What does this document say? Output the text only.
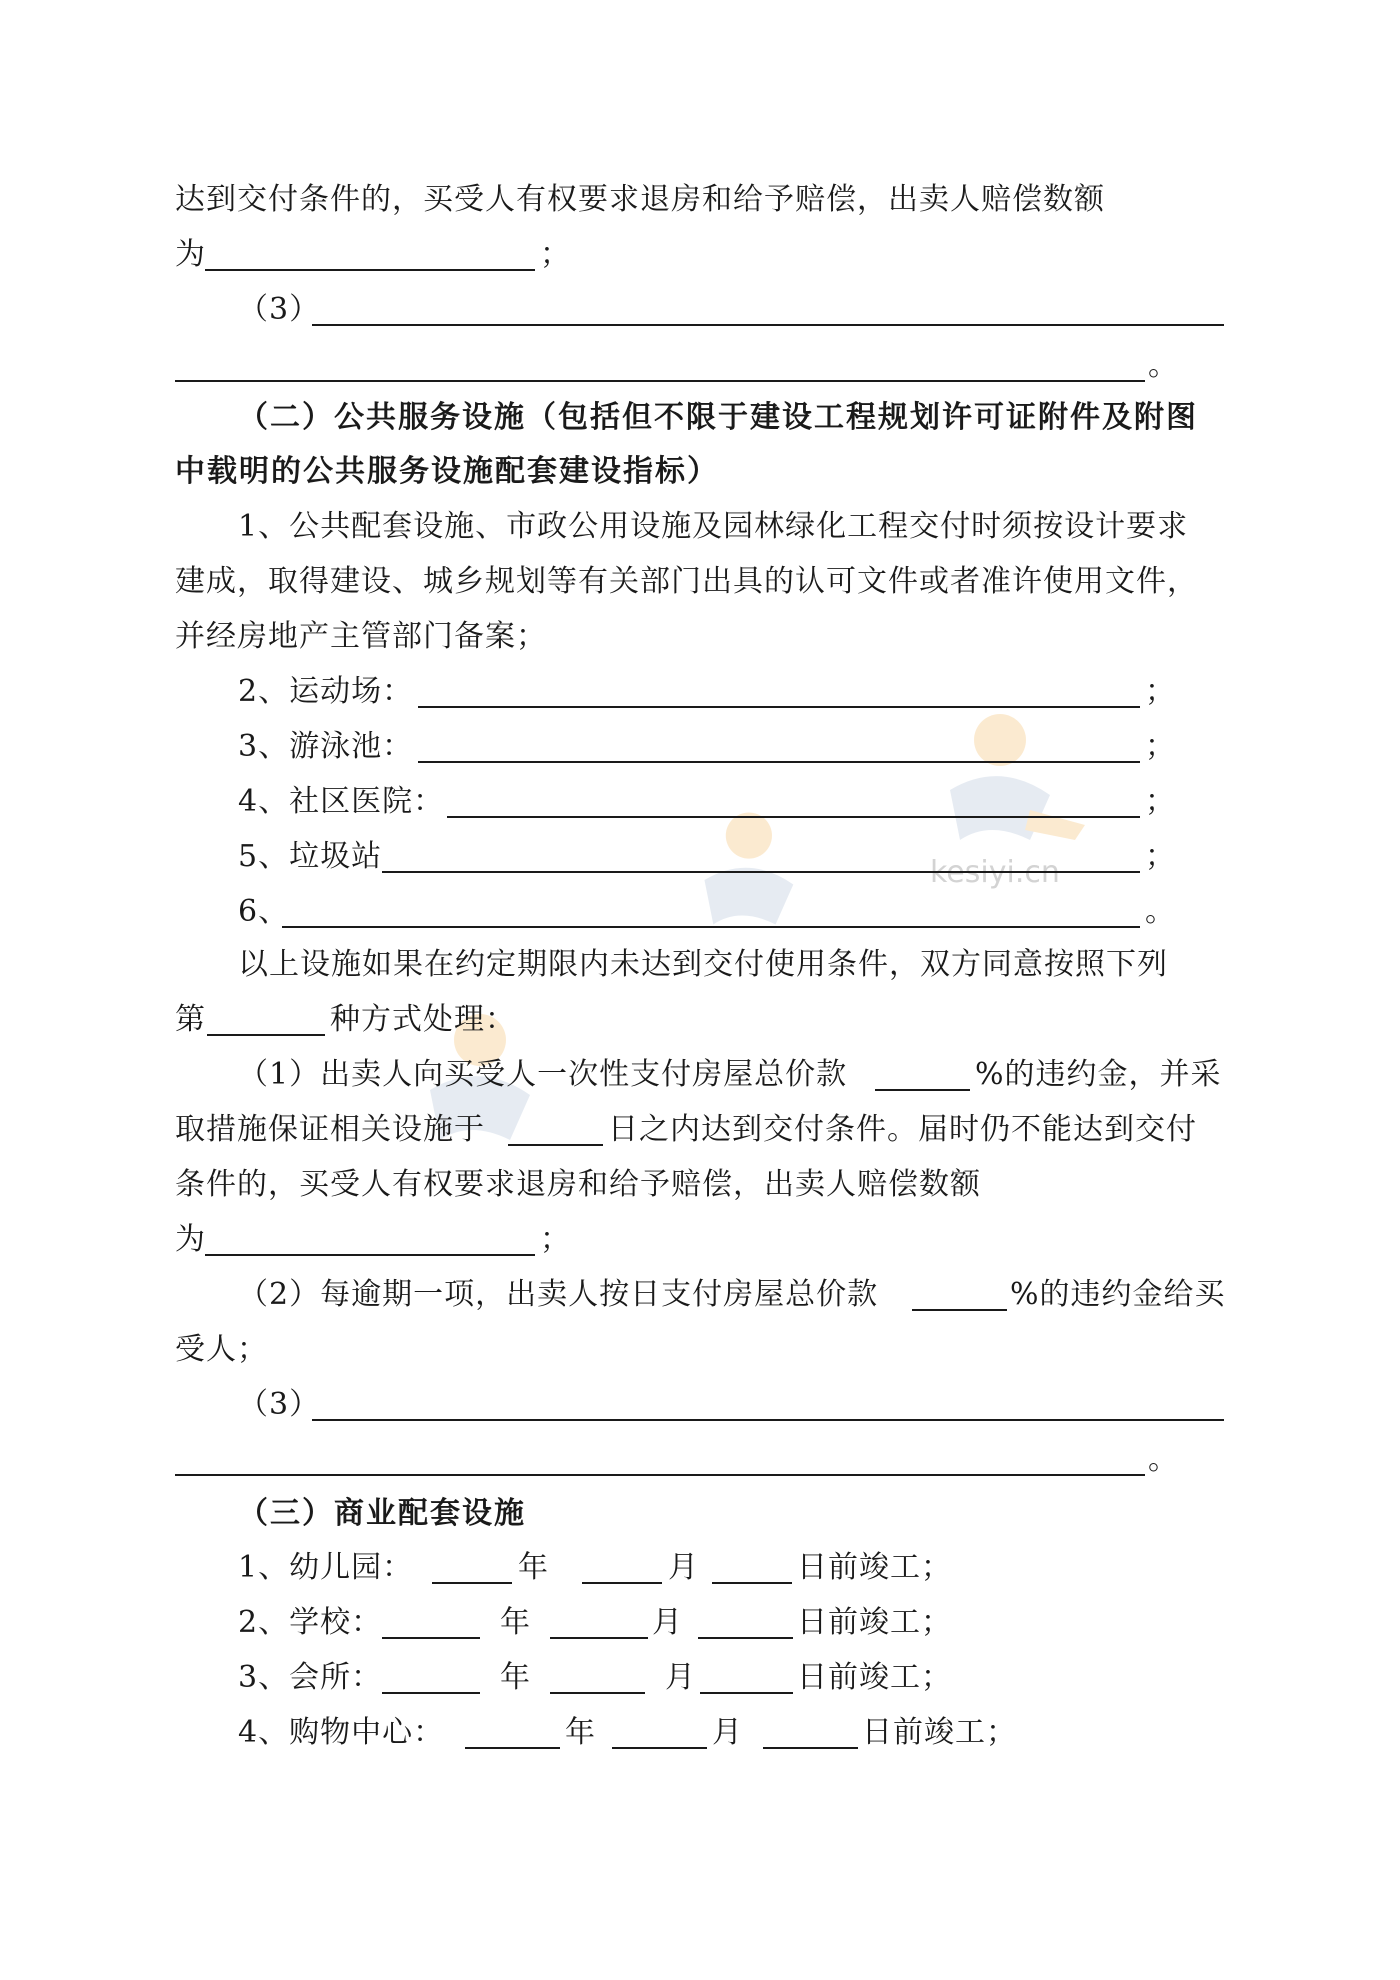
kesiyi.cn
达到交付条件的，买受人有权要求退房和给予赔偿，出卖人赔偿数额
为	；
（3）
。
（二）公共服务设施（包括但不限于建设工程规划许可证附件及附图
中载明的公共服务设施配套建设指标）
1、公共配套设施、市政公用设施及园林绿化工程交付时须按设计要求
建成，取得建设、城乡规划等有关部门出具的认可文件或者准许使用文件，
并经房地产主管部门备案；
2、运动场：	；
3、游泳池：	；
4、社区医院：	；
5、垃圾站	；
6、	。
以上设施如果在约定期限内未达到交付使用条件，双方同意按照下列
第	种方式处理：
（1）出卖人向买受人一次性支付房屋总价款	%的违约金，并采
取措施保证相关设施于	日之内达到交付条件。届时仍不能达到交付
条件的，买受人有权要求退房和给予赔偿，出卖人赔偿数额
为	；
（2）每逾期一项，出卖人按日支付房屋总价款	%的违约金给买
受人；
（3）
。
（三）商业配套设施
1、幼儿园：	年	月	日前竣工；
2、学校：	年	月	日前竣工；
3、会所：	年	月	日前竣工；
4、购物中心：	年	月	日前竣工；
